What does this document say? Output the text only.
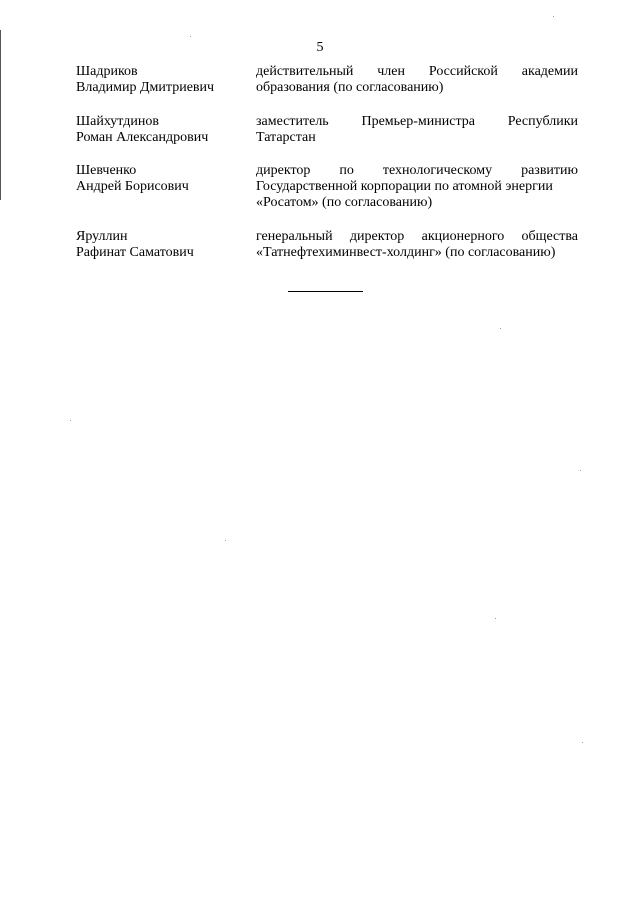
5
Шадриков
Владимир Дмитриевич
действительный член Российской академии
образования (по согласованию)
Шайхутдинов
Роман Александрович
заместитель Премьер-министра Республики
Татарстан
Шевченко
Андрей Борисович
директор по технологическому развитию
Государственной корпорации по атомной энергии
«Росатом» (по согласованию)
Яруллин
Рафинат Саматович
генеральный директор акционерного общества
«Татнефтехиминвест-холдинг» (по согласованию)
